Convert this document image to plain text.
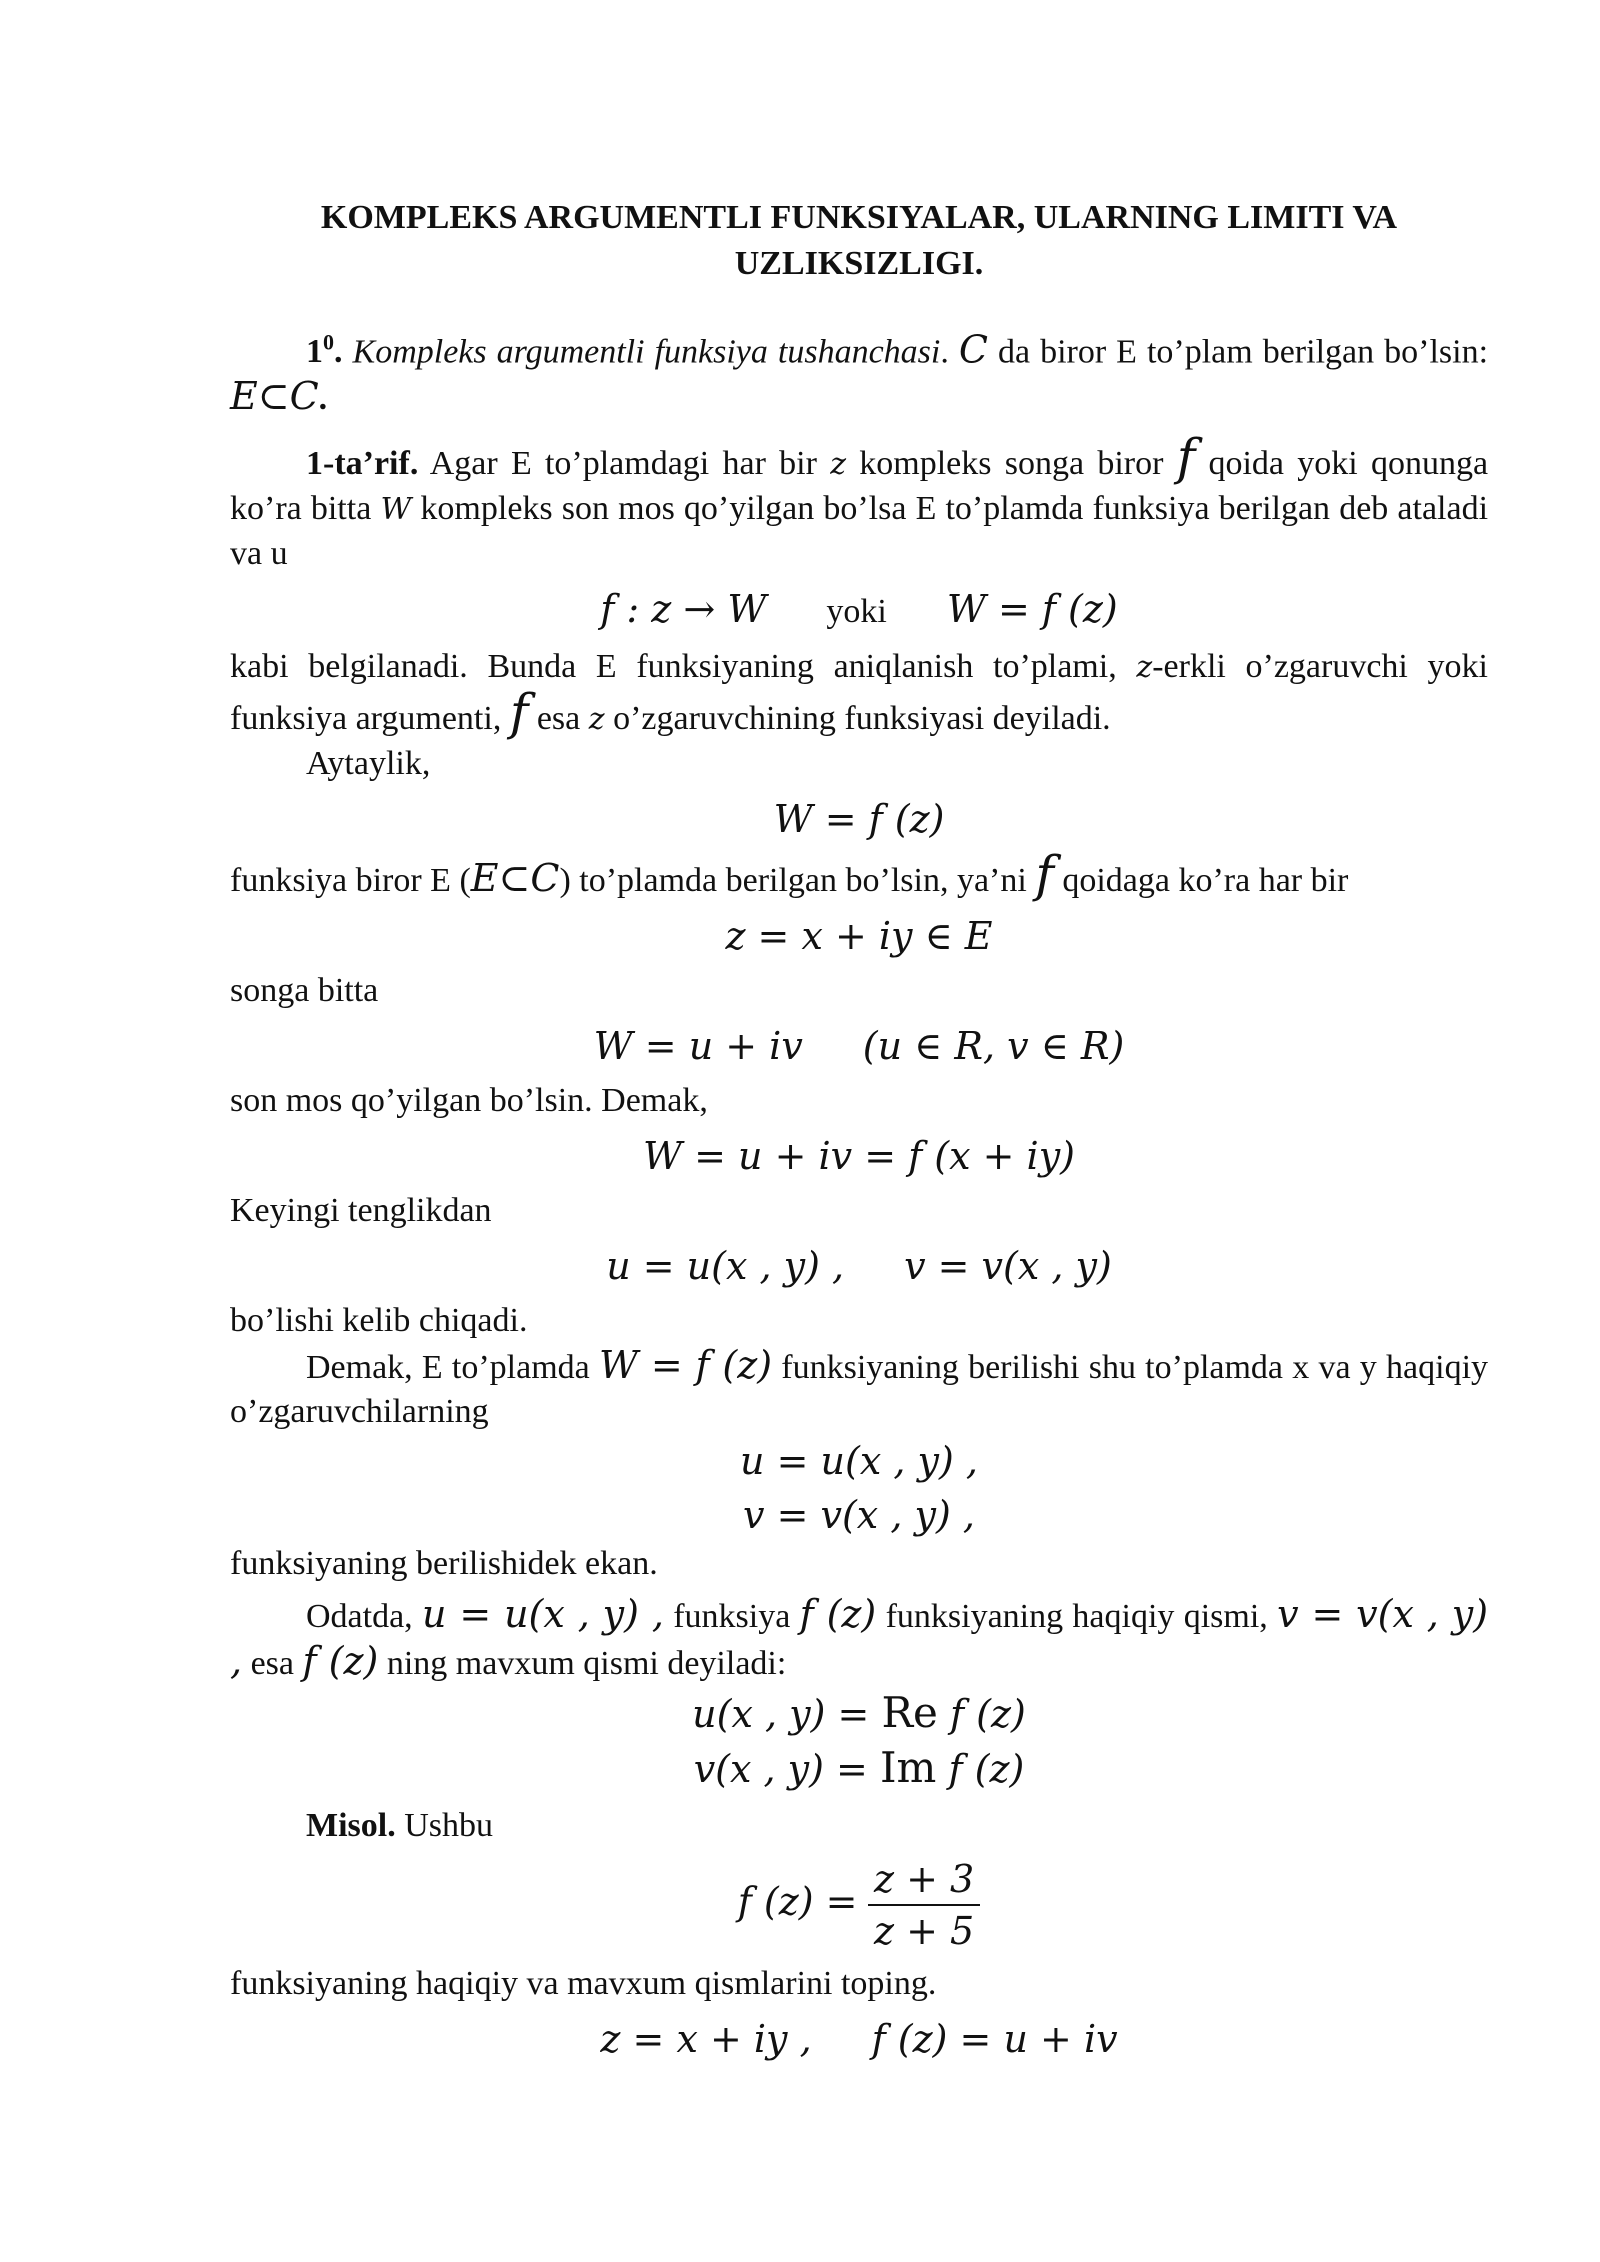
KOMPLEKS ARGUMENTLI FUNKSIYALAR, ULARNING LIMITI VA UZLIKSIZLIGI.

$1^0$. Kompleks argumentli funksiya tushanchasi. C da biror E to’plam berilgan bo’lsin: E⊂C.

1-ta’rif. Agar E to’plamdagi har bir z kompleks songa biror f qoida yoki qonunga ko’ra bitta W kompleks son mos qo’yilgan bo’lsa E to’plamda funksiya berilgan deb ataladi va u

f : z → W yoki W = f (z)

kabi belgilanadi. Bunda E funksiyaning aniqlanish to’plami, z-erkli o’zgaruvchi yoki funksiya argumenti, f esa z o’zgaruvchining funksiyasi deyiladi.

Aytaylik,

W = f (z)

funksiya biror E (E⊂C) to’plamda berilgan bo’lsin, ya’ni f qoidaga ko’ra har bir

z = x + iy ∈ E

songa bitta

W = u + iv (u ∈ R, v ∈ R)

son mos qo’yilgan bo’lsin. Demak,

W = u + iv = f (x + iy)

Keyingi tenglikdan

u = u(x , y) , v = v(x , y)

bo’lishi kelib chiqadi.

Demak, E to’plamda W = f (z) funksiyaning berilishi shu to’plamda x va y haqiqiy o’zgaruvchilarning

u = u(x , y) ,
v = v(x , y) ,

funksiyaning berilishidek ekan.

Odatda, u = u(x , y) , funksiya f (z) funksiyaning haqiqiy qismi, v = v(x , y) , esa f (z) ning mavxum qismi deyiladi:

u(x , y) = Re f (z)
v(x , y) = Im f (z)

Misol. Ushbu

f $(z) = \frac{z + 3}{z + 5}$

funksiyaning haqiqiy va mavxum qismlarini toping.

z = x + iy , f (z) = u + iv
